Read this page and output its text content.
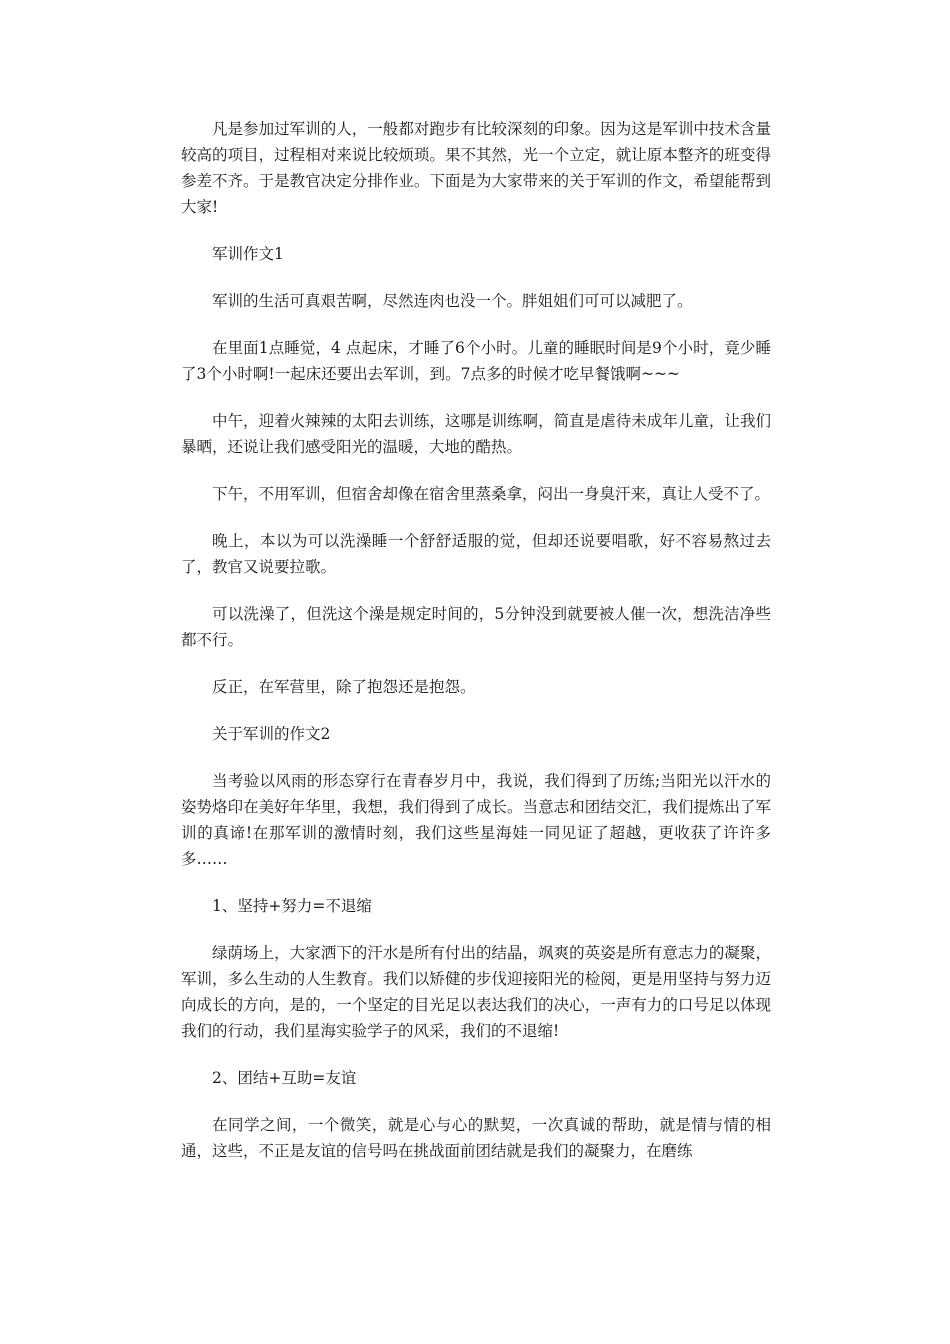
凡是参加过军训的人，一般都对跑步有比较深刻的印象。因为这是军训中技术含量较高的项目，过程相对来说比较烦琐。果不其然，光一个立定，就让原本整齐的班变得参差不齐。于是教官决定分排作业。下面是为大家带来的关于军训的作文，希望能帮到大家!

军训作文1

军训的生活可真艰苦啊，尽然连肉也没一个。胖姐姐们可可以减肥了。

在里面1点睡觉，4 点起床，才睡了6个小时。儿童的睡眠时间是9个小时，竟少睡了3个小时啊!一起床还要出去军训，到。7点多的时候才吃早餐饿啊~~~

中午，迎着火辣辣的太阳去训练，这哪是训练啊，简直是虐待未成年儿童，让我们暴晒，还说让我们感受阳光的温暖，大地的酷热。

下午，不用军训，但宿舍却像在宿舍里蒸桑拿，闷出一身臭汗来，真让人受不了。

晚上，本以为可以洗澡睡一个舒舒适服的觉，但却还说要唱歌，好不容易熬过去了，教官又说要拉歌。

可以洗澡了，但洗这个澡是规定时间的，5分钟没到就要被人催一次，想洗洁净些都不行。

反正，在军营里，除了抱怨还是抱怨。

关于军训的作文2

当考验以风雨的形态穿行在青春岁月中，我说，我们得到了历练;当阳光以汗水的姿势烙印在美好年华里，我想，我们得到了成长。当意志和团结交汇，我们提炼出了军训的真谛!在那军训的激情时刻，我们这些星海娃一同见证了超越，更收获了许许多多……

1、坚持+努力=不退缩

绿荫场上，大家洒下的汗水是所有付出的结晶，飒爽的英姿是所有意志力的凝聚，军训，多么生动的人生教育。我们以矫健的步伐迎接阳光的检阅，更是用坚持与努力迈向成长的方向，是的，一个坚定的目光足以表达我们的决心，一声有力的口号足以体现我们的行动，我们星海实验学子的风采，我们的不退缩!

2、团结+互助=友谊

在同学之间，一个微笑，就是心与心的默契，一次真诚的帮助，就是情与情的相通，这些，不正是友谊的信号吗在挑战面前团结就是我们的凝聚力，在磨练
